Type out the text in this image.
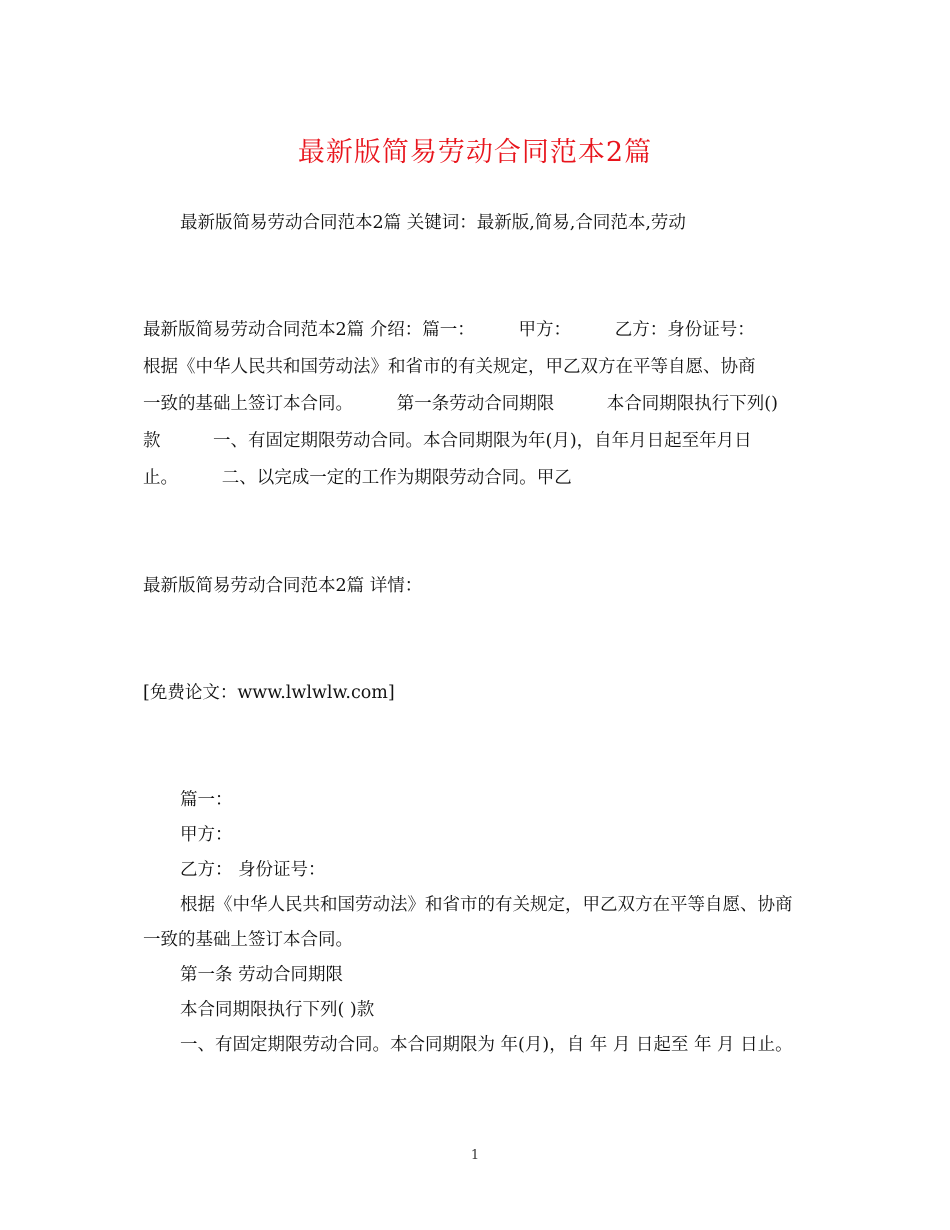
最新版简易劳动合同范本2篇
最新版简易劳动合同范本2篇 关键词：最新版,简易,合同范本,劳动
最新版简易劳动合同范本2篇 介绍：篇一：　　　甲方：　　　乙方：身份证号：
根据《中华人民共和国劳动法》和省市的有关规定，甲乙双方在平等自愿、协商
一致的基础上签订本合同。　　　第一条劳动合同期限　　　本合同期限执行下列()
款　　　一、有固定期限劳动合同。本合同期限为年(月)，自年月日起至年月日
止。　　　二、以完成一定的工作为期限劳动合同。甲乙
最新版简易劳动合同范本2篇 详情：
[免费论文：www.lwlwlw.com]

篇一：

甲方：

乙方： 身份证号：

根据《中华人民共和国劳动法》和省市的有关规定，甲乙双方在平等自愿、协商一致的基础上签订本合同。

第一条 劳动合同期限

本合同期限执行下列( )款

一、有固定期限劳动合同。本合同期限为 年(月)，自 年 月 日起至 年 月 日止。

1
